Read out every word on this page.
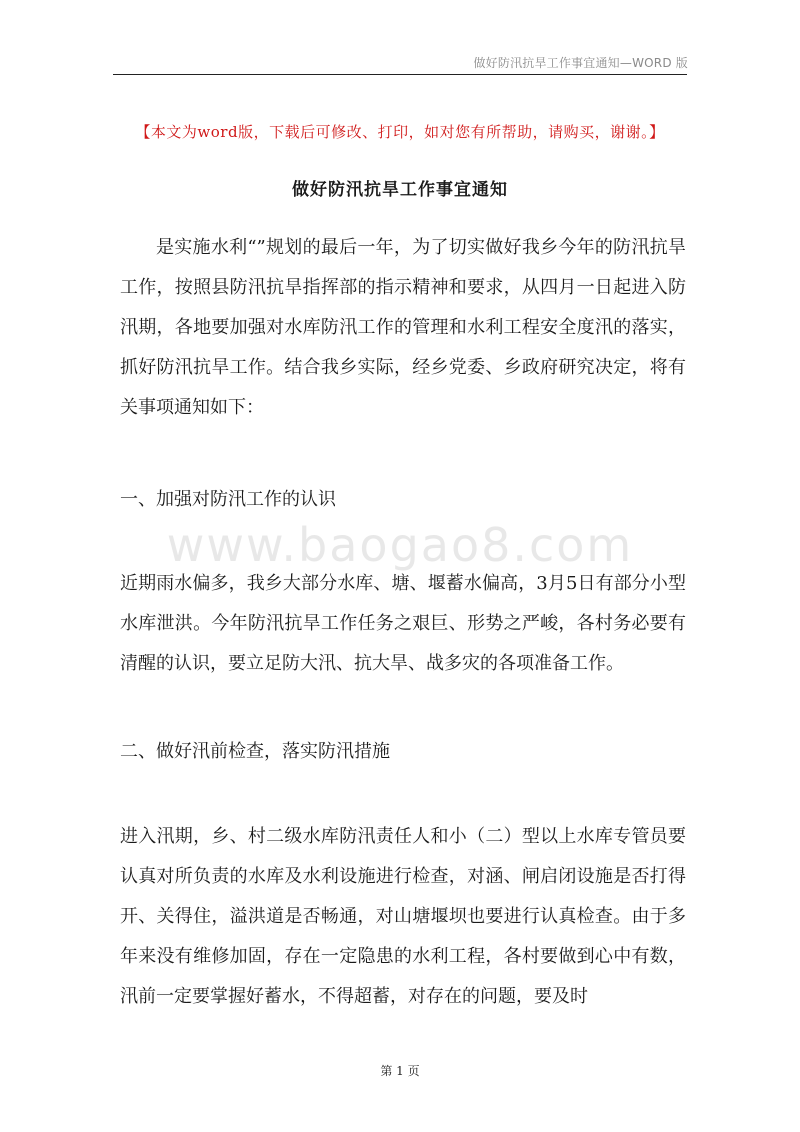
做好防汛抗旱工作事宜通知—WORD 版
【本文为word版，下载后可修改、打印，如对您有所帮助，请购买，谢谢。】
做好防汛抗旱工作事宜通知

是实施水利“”规划的最后一年，为了切实做好我乡今年的防汛抗旱工作，按照县防汛抗旱指挥部的指示精神和要求，从四月一日起进入防汛期，各地要加强对水库防汛工作的管理和水利工程安全度汛的落实，抓好防汛抗旱工作。结合我乡实际，经乡党委、乡政府研究决定，将有关事项通知如下：

一、加强对防汛工作的认识

www.baogao8.com

近期雨水偏多，我乡大部分水库、塘、堰蓄水偏高，3月5日有部分小型水库泄洪。今年防汛抗旱工作任务之艰巨、形势之严峻，各村务必要有清醒的认识，要立足防大汛、抗大旱、战多灾的各项准备工作。

二、做好汛前检查，落实防汛措施

进入汛期，乡、村二级水库防汛责任人和小（二）型以上水库专管员要认真对所负责的水库及水利设施进行检查，对涵、闸启闭设施是否打得开、关得住，溢洪道是否畅通，对山塘堰坝也要进行认真检查。由于多年来没有维修加固，存在一定隐患的水利工程，各村要做到心中有数，汛前一定要掌握好蓄水，不得超蓄，对存在的问题，要及时

第 1 页
